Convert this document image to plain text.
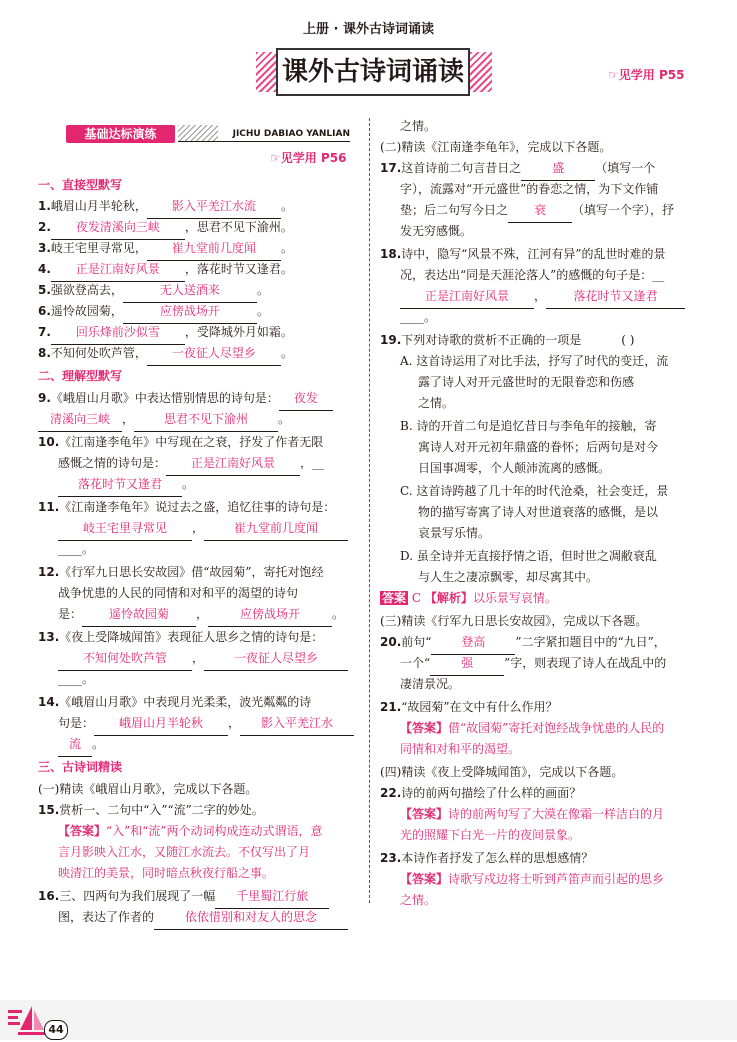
上册 · 课外古诗词诵读
课外古诗词诵读	☞见学用 P55
基础达标演练	JICHU DABIAO YANLIAN
☞见学用 P56
一、直接型默写
1.峨眉山月半轮秋， 影入平羌江水流 。
2. 夜发清溪向三峡 ，思君不见下渝州。
3.岐王宅里寻常见， 崔九堂前几度闻 。
4. 正是江南好风景 ，落花时节又逢君。
5.强欲登高去，	无人送酒来	。
6.遥怜故园菊，	应傍战场开	。
7. 回乐烽前沙似雪 ，受降城外月如霜。
8.不知何处吹芦管， 一夜征人尽望乡 。
二、理解型默写
9.《峨眉山月歌》中表达惜别情思的诗句是： 夜发
清溪向三峡 ， 思君不见下渝州	。
10.《江南逢李龟年》中写现在之衰，抒发了作者无限
感慨之情的诗句是： 正是江南好风景 ，__
落花时节又逢君 。
11.《江南逢李龟年》说过去之盛，追忆往事的诗句是：
岐王宅里寻常见 ， 崔九堂前几度闻
____。
12.《行军九日思长安故园》借“故园菊”，寄托对饱经
战争忧患的人民的同情和对和平的渴望的诗句
是： 遥怜故园菊 ，	应傍战场开	。
13.《夜上受降城闻笛》表现征人思乡之情的诗句是：
不知何处吹芦管 ， 一夜征人尽望乡
____。
14.《峨眉山月歌》中表现月光柔柔，波光粼粼的诗
句是： 峨眉山月半轮秋 ， 影入平羌江水
流 。
三、古诗词精读
(一)精读《峨眉山月歌》，完成以下各题。
15.赏析一、二句中“入”“流”二字的妙处。
【答案】“入”和“流”两个动词构成连动式谓语，意
言月影映入江水，又随江水流去。不仅写出了月
映清江的美景，同时暗点秋夜行船之事。
16.三、四两句为我们展现了一幅 千里蜀江行旅
图，表达了作者的	依依惜别和对友人的思念
之情。
(二)精读《江南逢李龟年》，完成以下各题。
17.这首诗前二句言昔日之	盛	（填写一个
字），流露对“开元盛世”的眷恋之情，为下文作铺
垫；后二句写今日之 衰 （填写一个字），抒
发无穷感慨。
18.诗中，隐写“风景不殊，江河有异”的乱世时难的景
况，表达出“同是天涯沦落人”的感慨的句子是：__
正是江南好风景 ， 落花时节又逢君
____。
19.下列对诗歌的赏析不正确的一项是	( )
A. 这首诗运用了对比手法，抒写了时代的变迁，流
露了诗人对开元盛世时的无限眷恋和伤感
之情。
B. 诗的开首二句是追忆昔日与李龟年的接触，寄
寓诗人对开元初年鼎盛的眷怀；后两句是对今
日国事凋零，个人颠沛流离的感慨。
C. 这首诗跨越了几十年的时代沧桑，社会变迁，景
物的描写寄寓了诗人对世道衰落的感慨，是以
哀景写乐情。
D. 虽全诗并无直接抒情之语，但时世之凋敝衰乱
与人生之凄凉飘零，却尽寓其中。
答案 C 【解析】以乐景写哀情。
(三)精读《行军九日思长安故园》，完成以下各题。
20.前句“ 登高	”二字紧扣题目中的“九日”，
一个“	强	”字，则表现了诗人在战乱中的
凄清景况。
21.“故园菊”在文中有什么作用？
【答案】借“故园菊”寄托对饱经战争忧患的人民的
同情和对和平的渴望。
(四)精读《夜上受降城闻笛》，完成以下各题。
22.诗的前两句描绘了什么样的画面？
【答案】诗的前两句写了大漠在像霜一样洁白的月
光的照耀下白光一片的夜间景象。
23.本诗作者抒发了怎么样的思想感情？
【答案】诗歌写戍边将士听到芦笛声而引起的思乡
之情。
44
